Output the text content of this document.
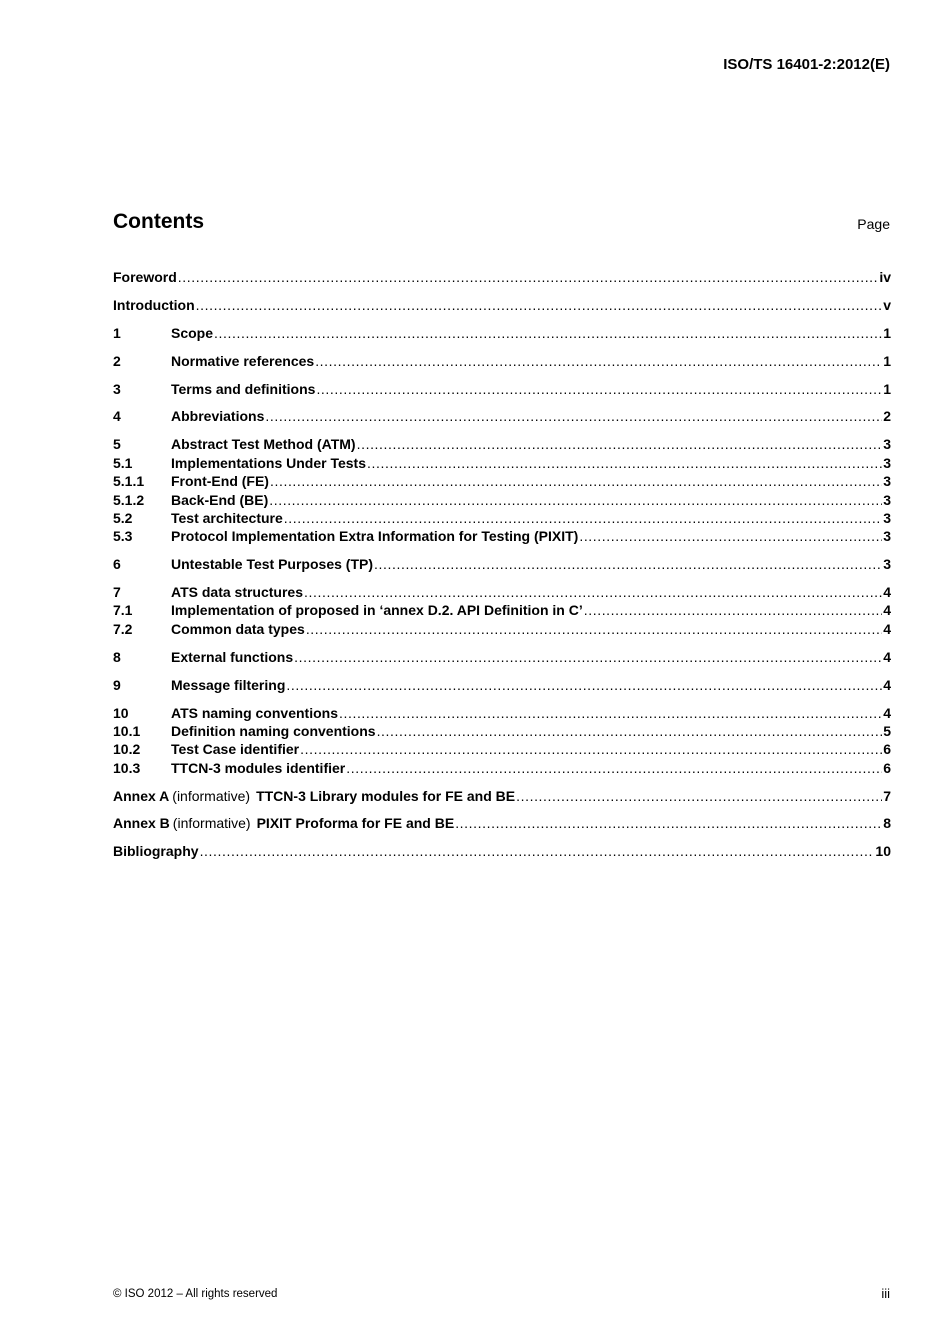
ISO/TS 16401-2:2012(E)
Contents	Page
Foreword .....	iv
Introduction .....	v
1	Scope .....	1
2	Normative references .....	1
3	Terms and definitions .....	1
4	Abbreviations .....	2
5	Abstract Test Method (ATM) .....	3
5.1	Implementations Under Tests .....	3
5.1.1	Front-End (FE) .....	3
5.1.2	Back-End (BE) .....	3
5.2	Test architecture .....	3
5.3	Protocol Implementation Extra Information for Testing (PIXIT) .....	3
6	Untestable Test Purposes (TP) .....	3
7	ATS data structures .....	4
7.1	Implementation of proposed in ‘annex D.2. API Definition in C’ .....	4
7.2	Common data types .....	4
8	External functions .....	4
9	Message filtering .....	4
10	ATS naming conventions .....	4
10.1	Definition naming conventions .....	5
10.2	Test Case identifier .....	6
10.3	TTCN-3 modules identifier .....	6
Annex A (informative) TTCN-3 Library modules for FE and BE .....	7
Annex B (informative) PIXIT Proforma for FE and BE .....	8
Bibliography .....	10
© ISO 2012 – All rights reserved	iii
